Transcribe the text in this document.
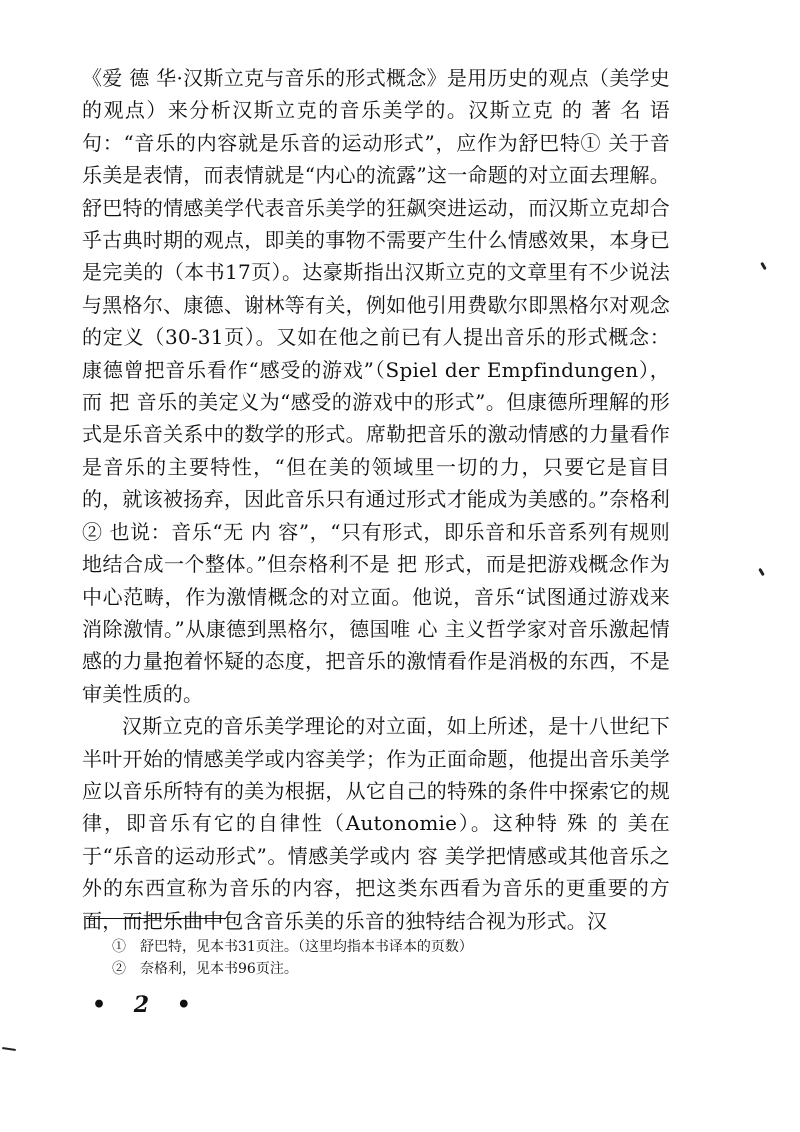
《爱 德 华·汉斯立克与音乐的形式概念》是用历史的观点（美学史的观点）来分析汉斯立克的音乐美学的。汉斯立克 的 著 名 语句：“音乐的内容就是乐音的运动形式”，应作为舒巴特① 关于音乐美是表情，而表情就是“内心的流露”这一命题的对立面去理解。舒巴特的情感美学代表音乐美学的狂飙突进运动，而汉斯立克却合乎古典时期的观点，即美的事物不需要产生什么情感效果，本身已是完美的（本书17页）。达豪斯指出汉斯立克的文章里有不少说法与黑格尔、康德、谢林等有关，例如他引用费歇尔即黑格尔对观念的定义（30-31页）。又如在他之前已有人提出音乐的形式概念：康德曾把音乐看作“感受的游戏”（Spiel der Empfindungen），而 把 音乐的美定义为“感受的游戏中的形式”。但康德所理解的形式是乐音关系中的数学的形式。席勒把音乐的激动情感的力量看作是音乐的主要特性，“但在美的领域里一切的力，只要它是盲目的，就该被扬弃，因此音乐只有通过形式才能成为美感的。”奈格利② 也说：音乐“无 内 容”，“只有形式，即乐音和乐音系列有规则地结合成一个整体。”但奈格利不是 把 形式，而是把游戏概念作为中心范畴，作为激情概念的对立面。他说，音乐“试图通过游戏来消除激情。”从康德到黑格尔，德国唯 心 主义哲学家对音乐激起情感的力量抱着怀疑的态度，把音乐的激情看作是消极的东西，不是审美性质的。

汉斯立克的音乐美学理论的对立面，如上所述，是十八世纪下半叶开始的情感美学或内容美学；作为正面命题，他提出音乐美学应以音乐所特有的美为根据，从它自己的特殊的条件中探索它的规律，即音乐有它的自律性（Autonomie）。这种特 殊 的 美在于“乐音的运动形式”。情感美学或内 容 美学把情感或其他音乐之外的东西宣称为音乐的内容，把这类东西看为音乐的更重要的方面，而把乐曲中包含音乐美的乐音的独特结合视为形式。汉

①　舒巴特，见本书31页注。（这里均指本书译本的页数）

②　奈格利，见本书96页注。

• 2 •
